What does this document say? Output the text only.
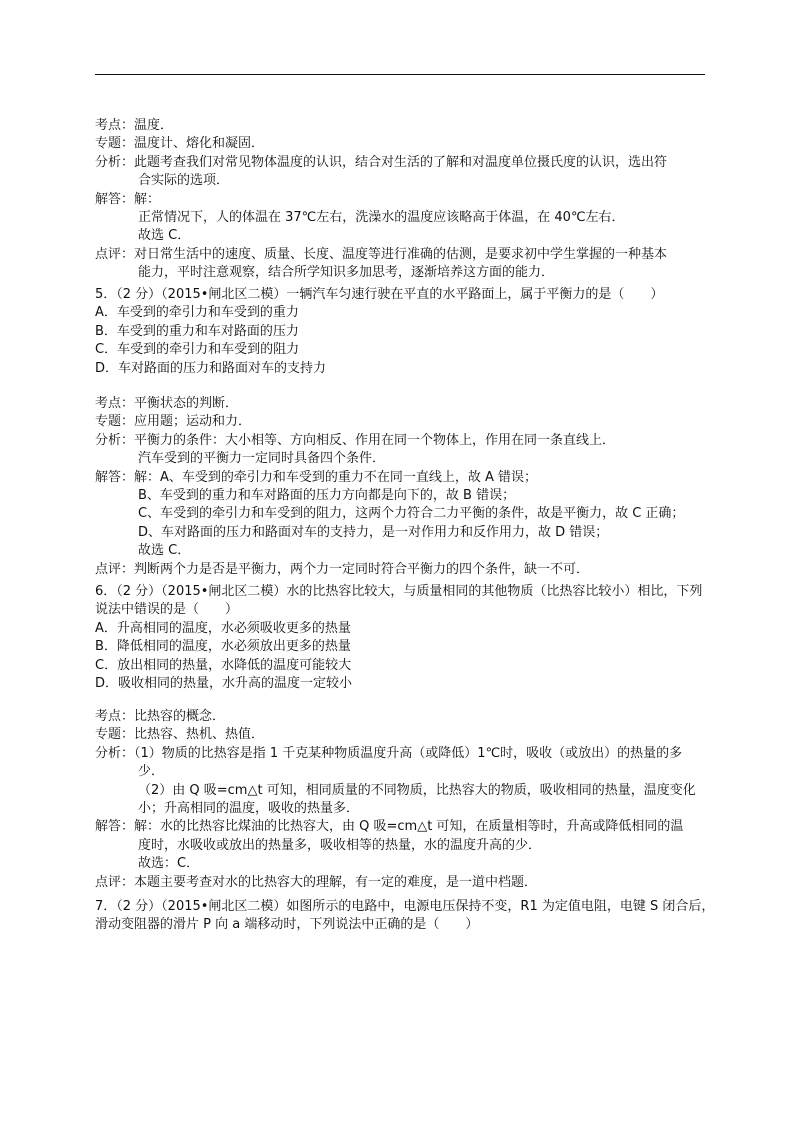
考点：温度．
专题：温度计、熔化和凝固．
分析：此题考查我们对常见物体温度的认识，结合对生活的了解和对温度单位摄氏度的认识，选出符
合实际的选项．
解答：解：
正常情况下，人的体温在 37℃左右，洗澡水的温度应该略高于体温，在 40℃左右．
故选 C．
点评：对日常生活中的速度、质量、长度、温度等进行准确的估测，是要求初中学生掌握的一种基本
能力，平时注意观察，结合所学知识多加思考，逐渐培养这方面的能力．
5．（2 分）（2015•闸北区二模）一辆汽车匀速行驶在平直的水平路面上，属于平衡力的是（　　）
A．车受到的牵引力和车受到的重力
B．车受到的重力和车对路面的压力
C．车受到的牵引力和车受到的阻力
D．车对路面的压力和路面对车的支持力
考点：平衡状态的判断．
专题：应用题；运动和力．
分析：平衡力的条件：大小相等、方向相反、作用在同一个物体上，作用在同一条直线上．
汽车受到的平衡力一定同时具备四个条件．
解答：解：A、车受到的牵引力和车受到的重力不在同一直线上，故 A 错误；
B、车受到的重力和车对路面的压力方向都是向下的，故 B 错误；
C、车受到的牵引力和车受到的阻力，这两个力符合二力平衡的条件，故是平衡力，故 C 正确；
D、车对路面的压力和路面对车的支持力，是一对作用力和反作用力，故 D 错误；
故选 C．
点评：判断两个力是否是平衡力，两个力一定同时符合平衡力的四个条件，缺一不可．
6．（2 分）（2015•闸北区二模）水的比热容比较大，与质量相同的其他物质（比热容比较小）相比，下列
说法中错误的是（　　）
A．升高相同的温度，水必须吸收更多的热量
B．降低相同的温度，水必须放出更多的热量
C．放出相同的热量，水降低的温度可能较大
D．吸收相同的热量，水升高的温度一定较小
考点：比热容的概念．
专题：比热容、热机、热值．
分析：（1）物质的比热容是指 1 千克某种物质温度升高（或降低）1℃时，吸收（或放出）的热量的多
少．
（2）由 Q 吸=cm△t 可知，相同质量的不同物质，比热容大的物质，吸收相同的热量，温度变化
小；升高相同的温度，吸收的热量多．
解答：解：水的比热容比煤油的比热容大，由 Q 吸=cm△t 可知，在质量相等时，升高或降低相同的温
度时，水吸收或放出的热量多，吸收相等的热量，水的温度升高的少．
故选：C．
点评：本题主要考查对水的比热容大的理解，有一定的难度，是一道中档题．
7．（2 分）（2015•闸北区二模）如图所示的电路中，电源电压保持不变，R1 为定值电阻，电键 S 闭合后，
滑动变阻器的滑片 P 向 a 端移动时，下列说法中正确的是（　　）
